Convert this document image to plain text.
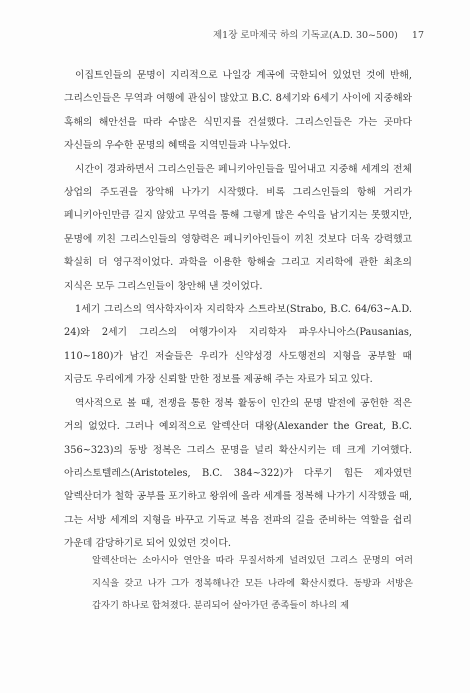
제1장 로마제국 하의 기독교(A.D. 30~500) 17

이집트인들의 문명이 지리적으로 나일강 계곡에 국한되어 있었던 것에 반해, 그리스인들은 무역과 여행에 관심이 많았고 B.C. 8세기와 6세기 사이에 지중해와 흑해의 해안선을 따라 수많은 식민지를 건설했다. 그리스인들은 가는 곳마다 자신들의 우수한 문명의 혜택을 지역민들과 나누었다.

시간이 경과하면서 그리스인들은 페니키아인들을 밀어내고 지중해 세계의 전체 상업의 주도권을 장악해 나가기 시작했다. 비록 그리스인들의 항해 거리가 페니키아인만큼 길지 않았고 무역을 통해 그렇게 많은 수익을 남기지는 못했지만, 문명에 끼친 그리스인들의 영향력은 페니키아인들이 끼친 것보다 더욱 강력했고 확실히 더 영구적이었다. 과학을 이용한 항해술 그리고 지리학에 관한 최초의 지식은 모두 그리스인들이 창안해 낸 것이었다.

1세기 그리스의 역사학자이자 지리학자 스트라보(Strabo, B.C. 64/63~A.D. 24)와 2세기 그리스의 여행가이자 지리학자 파우사니아스(Pausanias, 110~180)가 남긴 저술들은 우리가 신약성경 사도행전의 지형을 공부할 때 지금도 우리에게 가장 신뢰할 만한 정보를 제공해 주는 자료가 되고 있다.

역사적으로 볼 때, 전쟁을 통한 정복 활동이 인간의 문명 발전에 공헌한 적은 거의 없었다. 그러나 예외적으로 알렉산더 대왕(Alexander the Great, B.C. 356~323)의 동방 정복은 그리스 문명을 널리 확산시키는 데 크게 기여했다. 아리스토텔레스(Aristoteles, B.C. 384~322)가 다루기 힘든 제자였던 알렉산더가 철학 공부를 포기하고 왕위에 올라 세계를 정복해 나가기 시작했을 때, 그는 서방 세계의 지형을 바꾸고 기독교 복음 전파의 길을 준비하는 역할을 쉽리 가운데 감당하기로 되어 있었던 것이다.

알렉산더는 소아시아 연안을 따라 무질서하게 널려있던 그리스 문명의 여러 지식을 갖고 나가 그가 정복해나간 모든 나라에 확산시켰다. 동방과 서방은 갑자기 하나로 합쳐졌다. 분리되어 살아가던 종족들이 하나의 제
